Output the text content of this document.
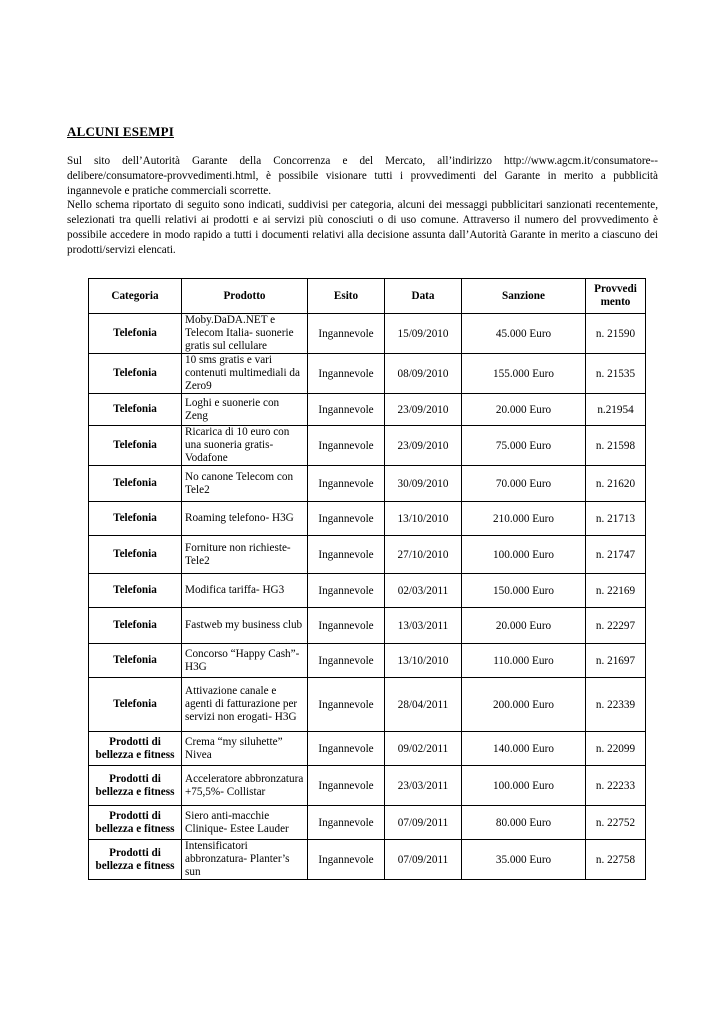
ALCUNI ESEMPI

Sul sito dell’Autorità Garante della Concorrenza e del Mercato, all’indirizzo http://www.agcm.it/consumatore--delibere/consumatore-provvedimenti.html, è possibile visionare tutti i provvedimenti del Garante in merito a pubblicità ingannevole e pratiche commerciali scorrette.

Nello schema riportato di seguito sono indicati, suddivisi per categoria, alcuni dei messaggi pubblicitari sanzionati recentemente, selezionati tra quelli relativi ai prodotti e ai servizi più conosciuti o di uso comune. Attraverso il numero del provvedimento è possibile accedere in modo rapido a tutti i documenti relativi alla decisione assunta dall’Autorità Garante in merito a ciascuno dei prodotti/servizi elencati.

Categoria	Prodotto	Esito	Data	Sanzione	Provvedi mento
Telefonia	Moby.DaDA.NET e Telecom Italia- suonerie gratis sul cellulare	Ingannevole	15/09/2010	45.000 Euro	n. 21590
Telefonia	10 sms gratis e vari contenuti multimediali da Zero9	Ingannevole	08/09/2010	155.000 Euro	n. 21535
Telefonia	Loghi e suonerie con Zeng	Ingannevole	23/09/2010	20.000 Euro	n.21954
Telefonia	Ricarica di 10 euro con una suoneria gratis- Vodafone	Ingannevole	23/09/2010	75.000 Euro	n. 21598
Telefonia	No canone Telecom con Tele2	Ingannevole	30/09/2010	70.000 Euro	n. 21620
Telefonia	Roaming telefono- H3G	Ingannevole	13/10/2010	210.000 Euro	n. 21713
Telefonia	Forniture non richieste- Tele2	Ingannevole	27/10/2010	100.000 Euro	n. 21747
Telefonia	Modifica tariffa- HG3	Ingannevole	02/03/2011	150.000 Euro	n. 22169
Telefonia	Fastweb my business club	Ingannevole	13/03/2011	20.000 Euro	n. 22297
Telefonia	Concorso “Happy Cash”-H3G	Ingannevole	13/10/2010	110.000 Euro	n. 21697
Telefonia	Attivazione canale e agenti di fatturazione per servizi non erogati- H3G	Ingannevole	28/04/2011	200.000 Euro	n. 22339
Prodotti di bellezza e fitness	Crema “my siluhette” Nivea	Ingannevole	09/02/2011	140.000 Euro	n. 22099
Prodotti di bellezza e fitness	Acceleratore abbronzatura +75,5%- Collistar	Ingannevole	23/03/2011	100.000 Euro	n. 22233
Prodotti di bellezza e fitness	Siero anti-macchie Clinique- Estee Lauder	Ingannevole	07/09/2011	80.000 Euro	n. 22752
Prodotti di bellezza e fitness	Intensificatori abbronzatura- Planter’s sun	Ingannevole	07/09/2011	35.000 Euro	n. 22758
